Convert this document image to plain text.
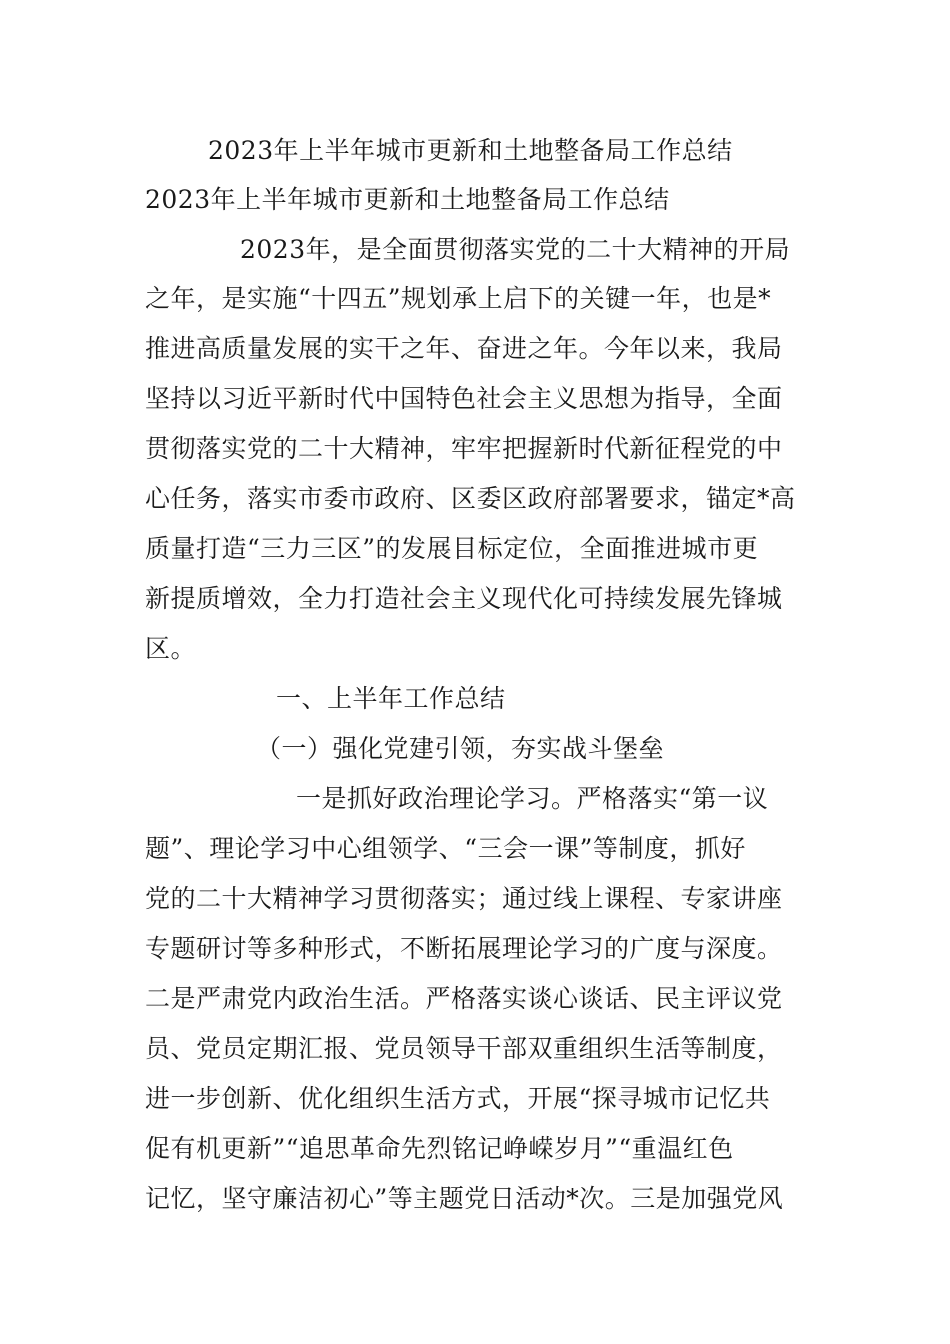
2023年上半年城市更新和土地整备局工作总结
2023年上半年城市更新和土地整备局工作总结
2023年，是全面贯彻落实党的二十大精神的开局
之年，是实施“十四五”规划承上启下的关键一年，也是*
推进高质量发展的实干之年、奋进之年。今年以来，我局
坚持以习近平新时代中国特色社会主义思想为指导，全面
贯彻落实党的二十大精神，牢牢把握新时代新征程党的中
心任务，落实市委市政府、区委区政府部署要求，锚定*高
质量打造“三力三区”的发展目标定位，全面推进城市更
新提质增效，全力打造社会主义现代化可持续发展先锋城
区。
一、上半年工作总结
（一）强化党建引领，夯实战斗堡垒
一是抓好政治理论学习。严格落实“第一议
题”、理论学习中心组领学、“三会一课”等制度，抓好
党的二十大精神学习贯彻落实；通过线上课程、专家讲座
专题研讨等多种形式，不断拓展理论学习的广度与深度。
二是严肃党内政治生活。严格落实谈心谈话、民主评议党
员、党员定期汇报、党员领导干部双重组织生活等制度，
进一步创新、优化组织生活方式，开展“探寻城市记忆共
促有机更新”“追思革命先烈铭记峥嵘岁月”“重温红色
记忆，坚守廉洁初心”等主题党日活动*次。三是加强党风
